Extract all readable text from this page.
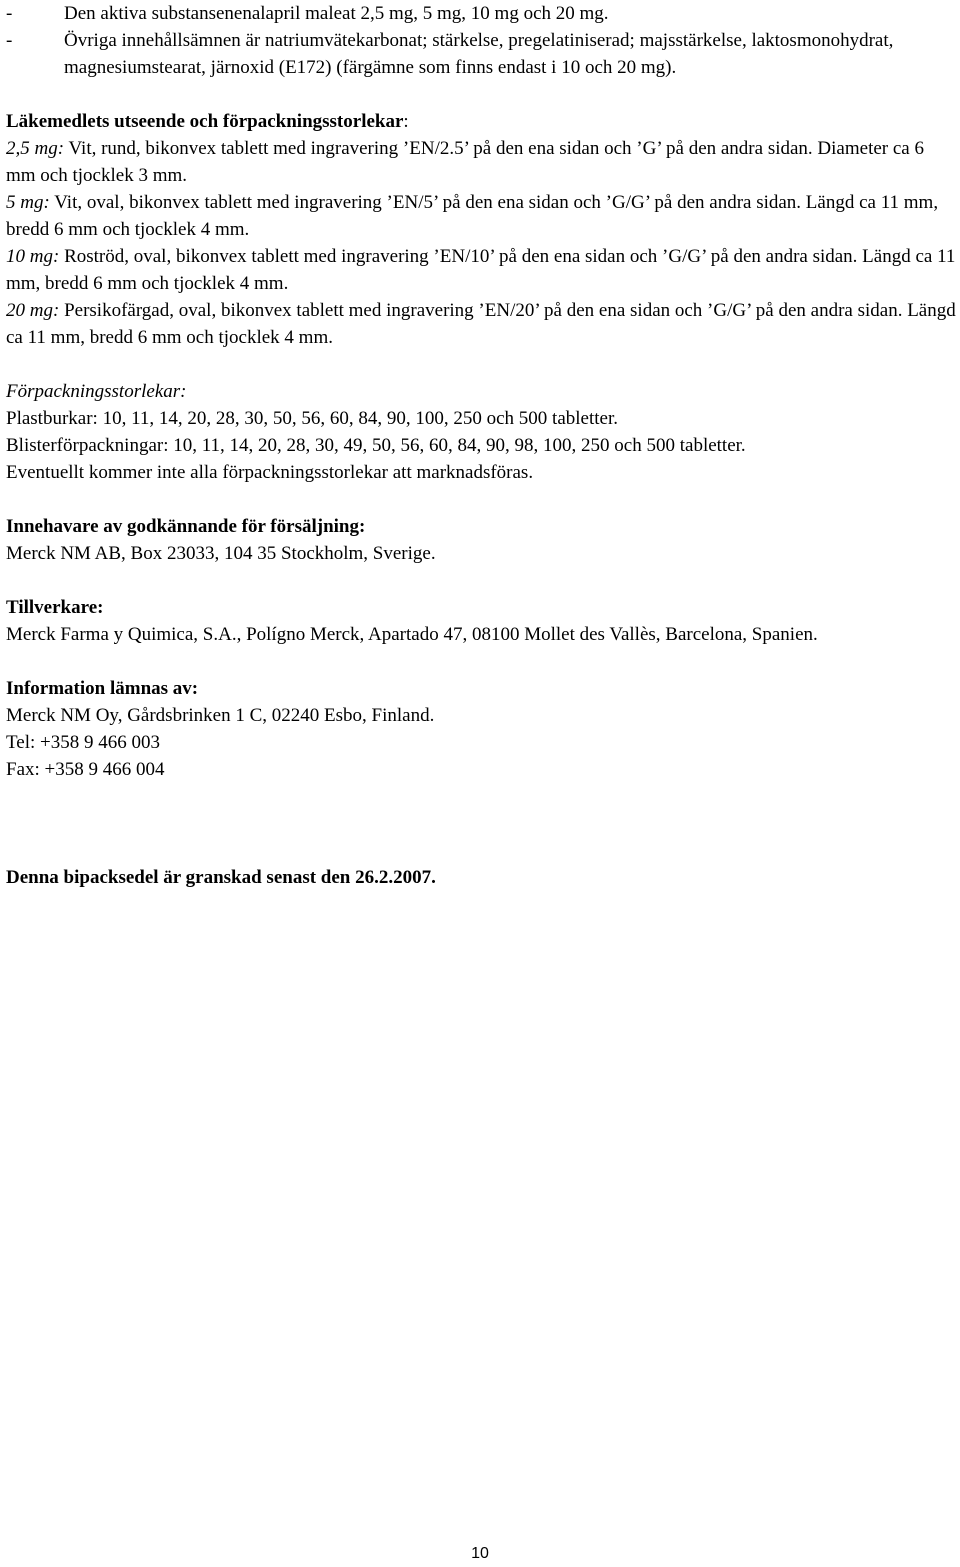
-	Den aktiva substansenenalapril maleat 2,5 mg, 5 mg, 10 mg och 20 mg.
-	Övriga innehållsämnen är natriumvätekarbonat; stärkelse, pregelatiniserad; majsstärkelse, laktosmonohydrat, magnesiumstearat, järnoxid (E172) (färgämne som finns endast i 10 och 20 mg).

Läkemedlets utseende och förpackningsstorlekar:

2,5 mg: Vit, rund, bikonvex tablett med ingravering ’EN/2.5’ på den ena sidan och ’G’ på den andra sidan. Diameter ca 6 mm och tjocklek 3 mm.

5 mg: Vit, oval, bikonvex tablett med ingravering ’EN/5’ på den ena sidan och ’G/G’ på den andra sidan. Längd ca 11 mm, bredd 6 mm och tjocklek 4 mm.

10 mg: Roströd, oval, bikonvex tablett med ingravering ’EN/10’ på den ena sidan och ’G/G’ på den andra sidan. Längd ca 11 mm, bredd 6 mm och tjocklek 4 mm.

20 mg: Persikofärgad, oval, bikonvex tablett med ingravering ’EN/20’ på den ena sidan och ’G/G’ på den andra sidan. Längd ca 11 mm, bredd 6 mm och tjocklek 4 mm.

Förpackningsstorlekar:

Plastburkar: 10, 11, 14, 20, 28, 30, 50, 56, 60, 84, 90, 100, 250 och 500 tabletter.

Blisterförpackningar: 10, 11, 14, 20, 28, 30, 49, 50, 56, 60, 84, 90, 98, 100, 250 och 500 tabletter.

Eventuellt kommer inte alla förpackningsstorlekar att marknadsföras.

Innehavare av godkännande för försäljning:

Merck NM AB, Box 23033, 104 35 Stockholm, Sverige.

Tillverkare:

Merck Farma y Quimica, S.A., Polígno Merck, Apartado 47, 08100 Mollet des Vallès, Barcelona, Spanien.

Information lämnas av:

Merck NM Oy, Gårdsbrinken 1 C, 02240 Esbo, Finland.

Tel: +358 9 466 003

Fax: +358 9 466 004

Denna bipacksedel är granskad senast den 26.2.2007.

10
